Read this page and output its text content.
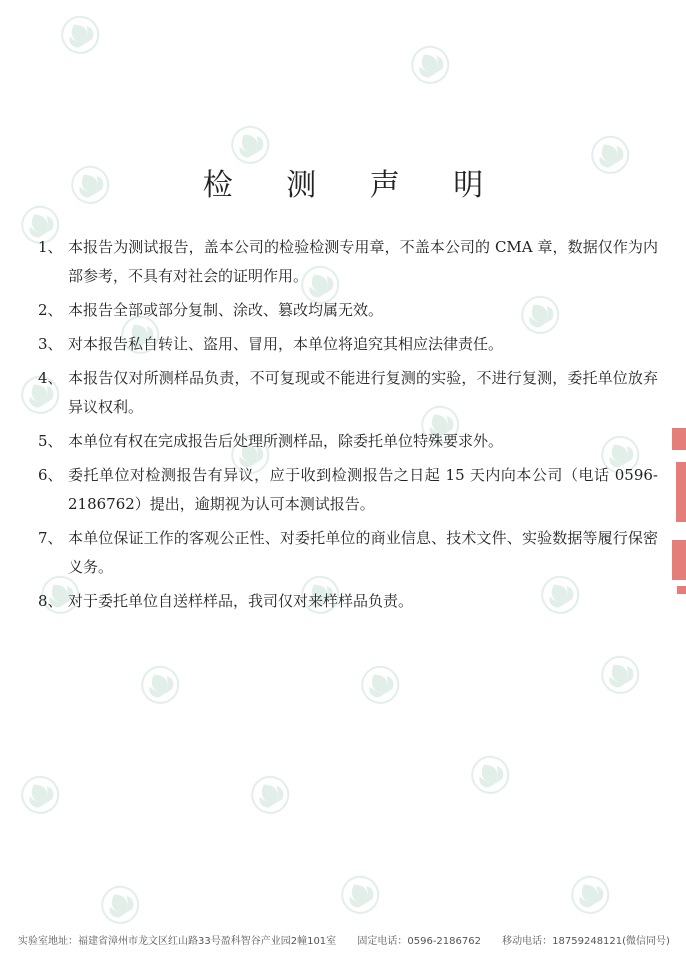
检 测 声 明
1、 本报告为测试报告，盖本公司的检验检测专用章，不盖本公司的 CMA 章，数据仅作为内部参考，不具有对社会的证明作用。
2、 本报告全部或部分复制、涂改、篡改均属无效。
3、 对本报告私自转让、盗用、冒用，本单位将追究其相应法律责任。
4、 本报告仅对所测样品负责，不可复现或不能进行复测的实验，不进行复测，委托单位放弃异议权利。
5、 本单位有权在完成报告后处理所测样品，除委托单位特殊要求外。
6、 委托单位对检测报告有异议，应于收到检测报告之日起 15 天内向本公司（电话 0596-2186762）提出，逾期视为认可本测试报告。
7、 本单位保证工作的客观公正性、对委托单位的商业信息、技术文件、实验数据等履行保密义务。
8、 对于委托单位自送样样品，我司仅对来样样品负责。
实验室地址：福建省漳州市龙文区红山路33号盈科智谷产业园2幢101室 固定电话：0596-2186762 移动电话：18759248121(微信同号)
